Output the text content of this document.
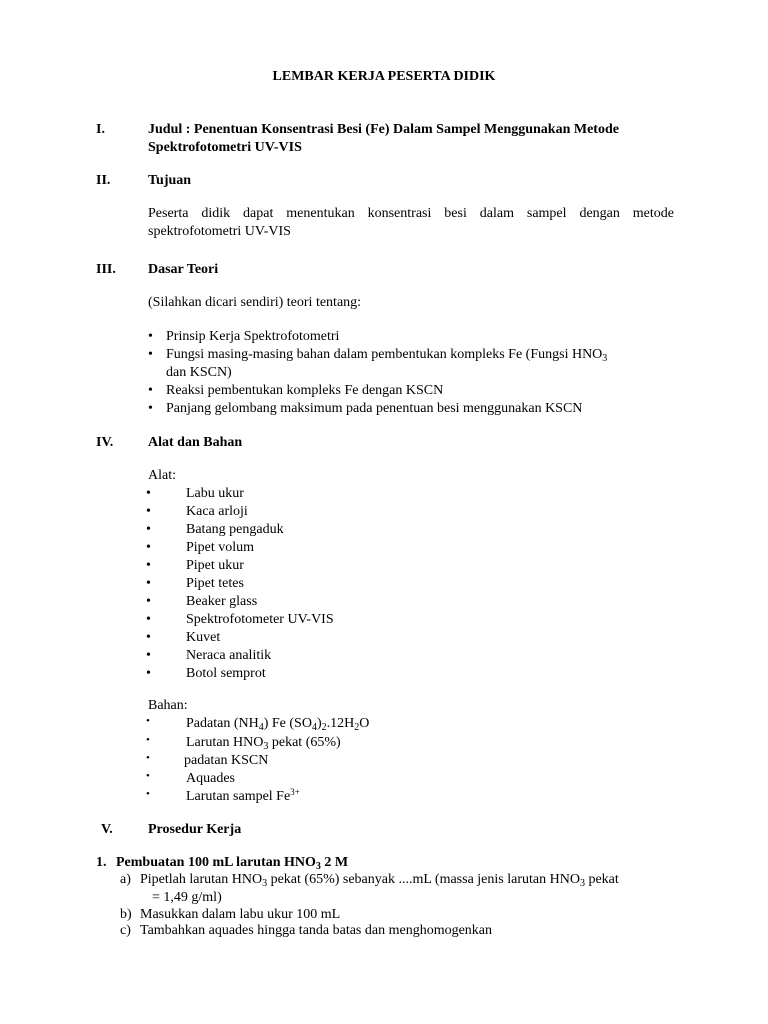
LEMBAR KERJA PESERTA DIDIK
I.	Judul : Penentuan Konsentrasi Besi (Fe) Dalam Sampel Menggunakan Metode
Spektrofotometri UV-VIS
II.	Tujuan
Peserta didik dapat menentukan konsentrasi besi dalam sampel dengan metode
spektrofotometri UV-VIS
III. Dasar Teori
(Silahkan dicari sendiri) teori tentang:
• Prinsip Kerja Spektrofotometri
• Fungsi masing-masing bahan dalam pembentukan kompleks Fe (Fungsi $HNO_3$
dan KSCN)
• Reaksi pembentukan kompleks Fe dengan KSCN
• Panjang gelombang maksimum pada penentuan besi menggunakan KSCN
IV. Alat dan Bahan
Alat:
•	Labu ukur
•	Kaca arloji
•	Batang pengaduk
•	Pipet volum
•	Pipet ukur
•	Pipet tetes
•	Beaker glass
•	Spektrofotometer UV-VIS
•	Kuvet
•	Neraca analitik
•	Botol semprot
Bahan:
•	Padatan $(NH_4)$ Fe $(SO_4)_2.12H_2O$
•	Larutan $HNO_3$ pekat (65%)
• padatan KSCN
•	Aquades
•	Larutan sampel $Fe^{3+}$
V.	Prosedur Kerja
1. Pembuatan 100 mL larutan $HNO_3$ 2 M
a) Pipetlah larutan $HNO_3$ pekat (65%) sebanyak ....mL (massa jenis larutan $HNO_3$ pekat
= 1,49 g/ml)
b) Masukkan dalam labu ukur 100 mL
c) Tambahkan aquades hingga tanda batas dan menghomogenkan
